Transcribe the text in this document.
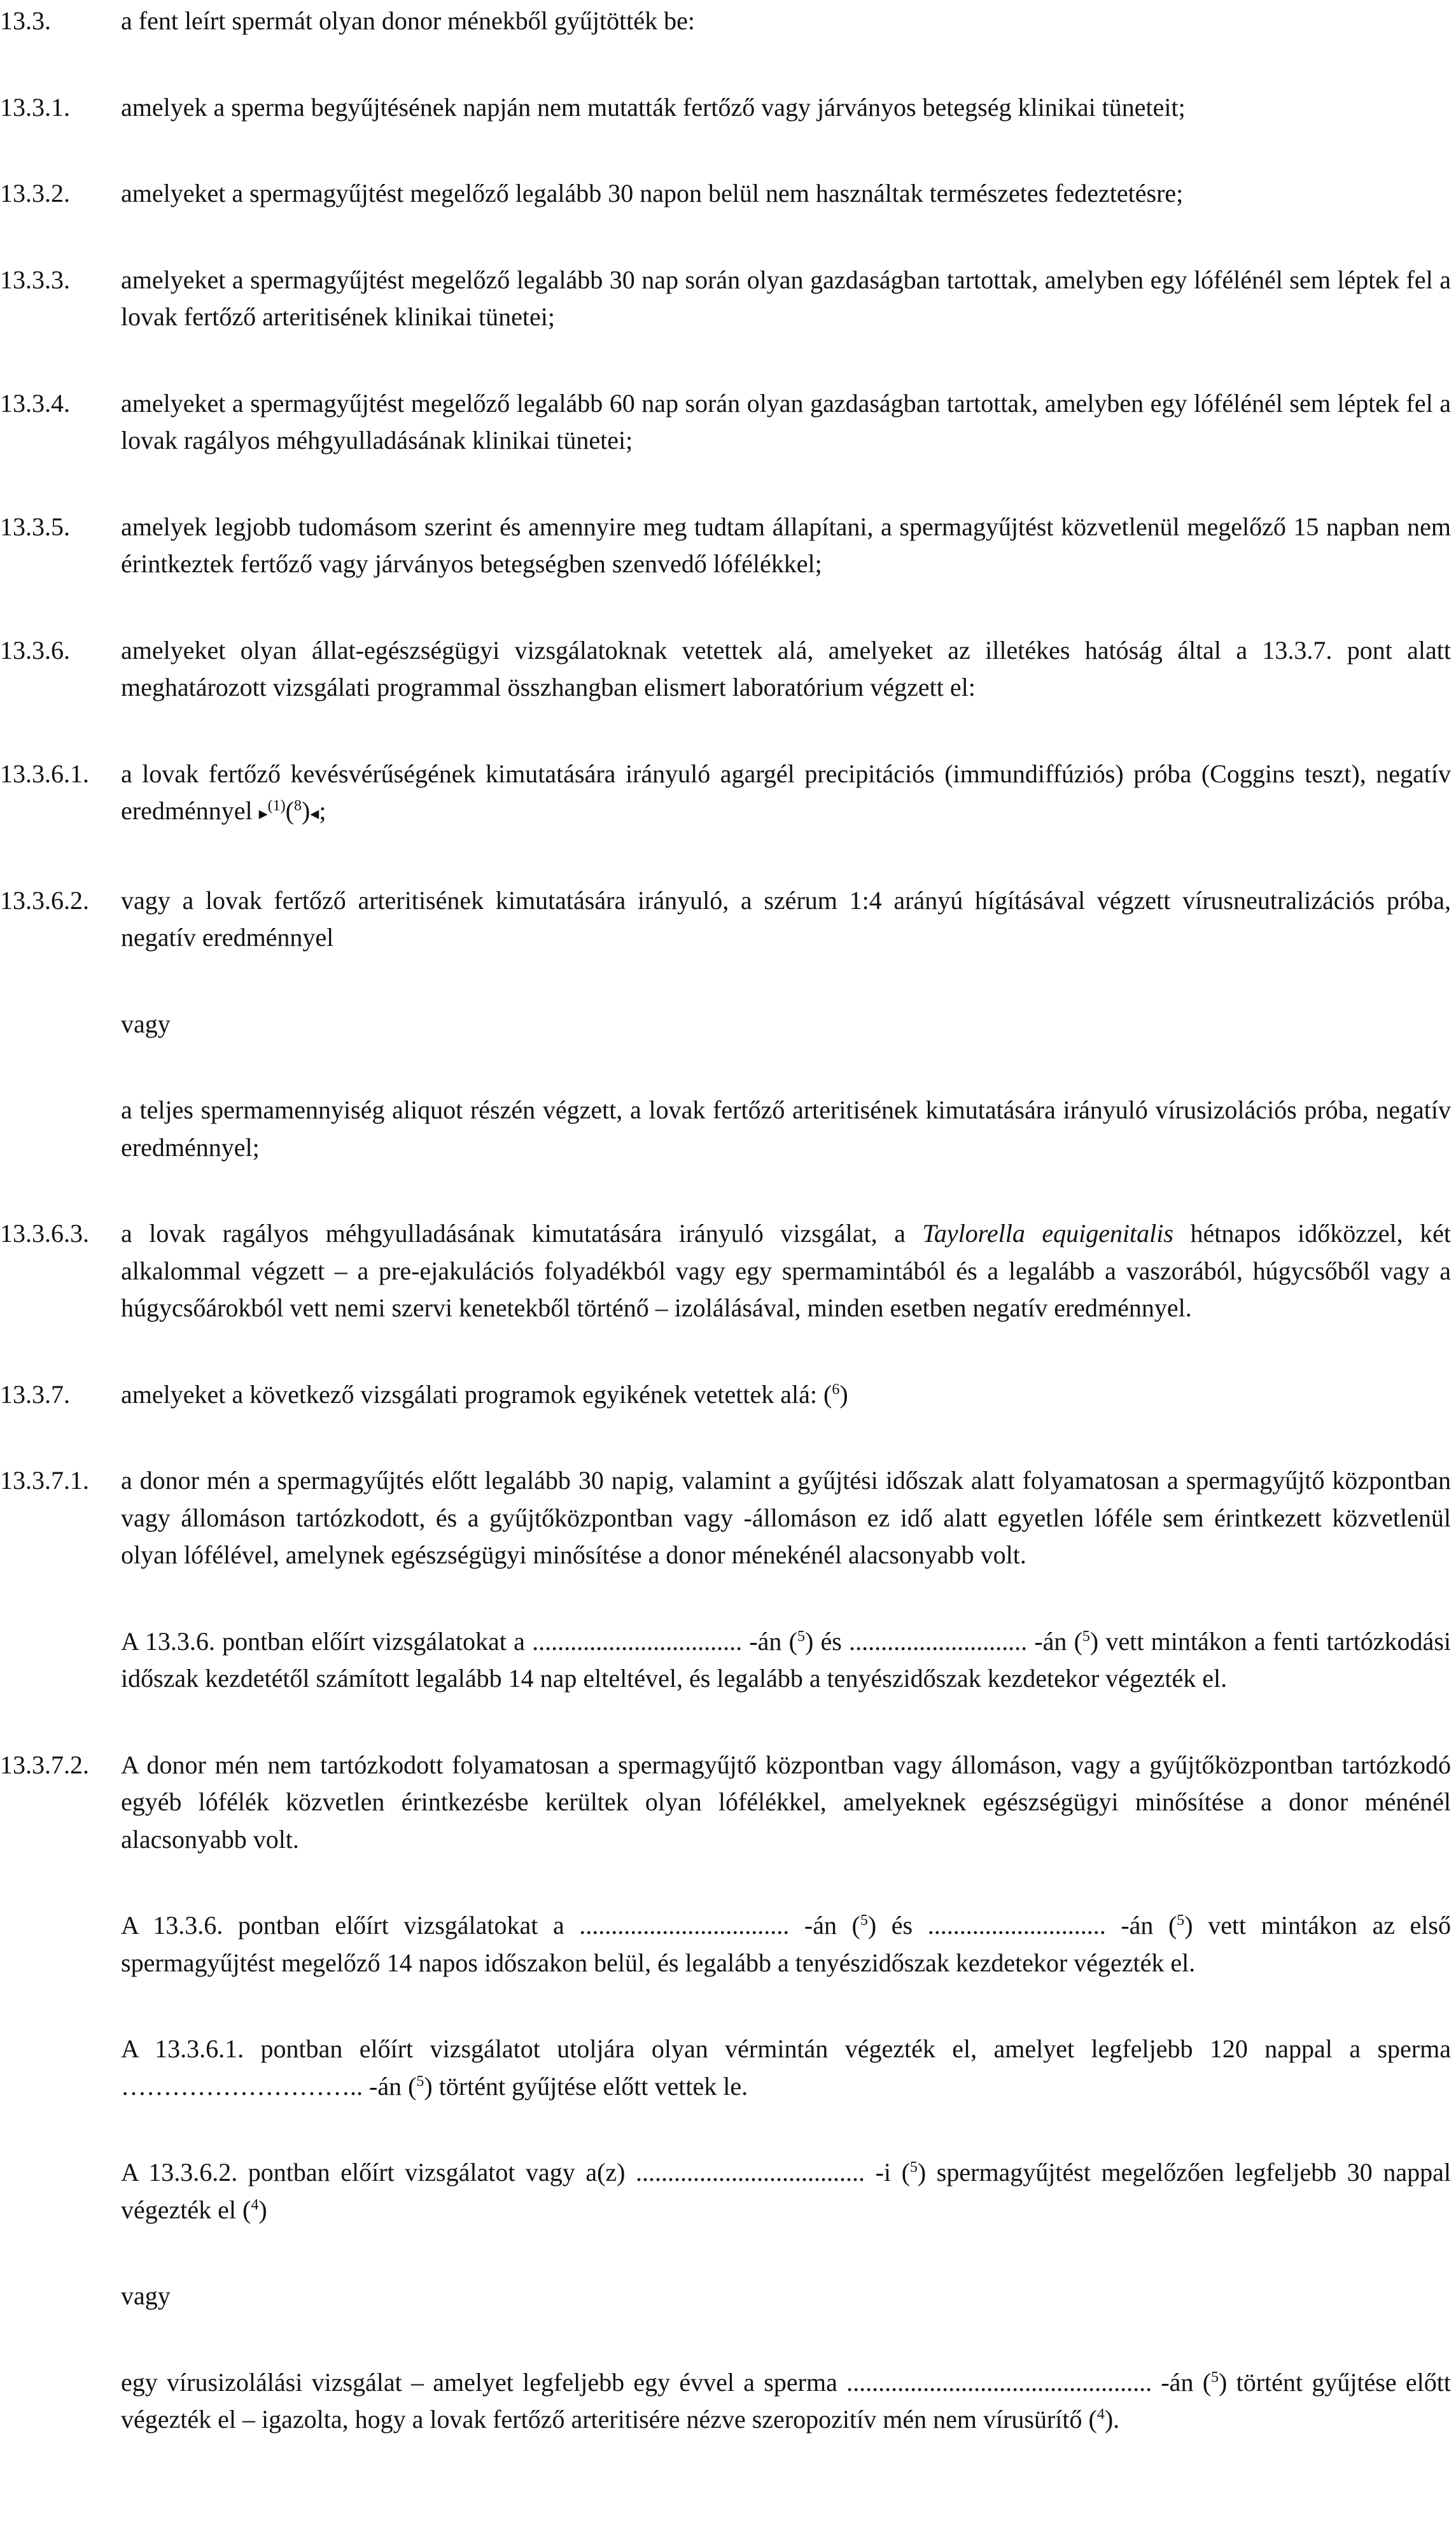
13.3.	a fent leírt spermát olyan donor ménekből gyűjtötték be:
13.3.1. amelyek a sperma begyűjtésének napján nem mutatták fertőző vagy járványos betegség klinikai tüneteit;
13.3.2. amelyeket a spermagyűjtést megelőző legalább 30 napon belül nem használtak természetes fedeztetésre;
13.3.3. amelyeket a spermagyűjtést megelőző legalább 30 nap során olyan gazdaságban tartottak, amelyben egy lófélénél sem léptek fel a lovak fertőző arteritisének klinikai tünetei;
13.3.4. amelyeket a spermagyűjtést megelőző legalább 60 nap során olyan gazdaságban tartottak, amelyben egy lófélénél sem léptek fel a lovak ragályos méhgyulladásának klinikai tünetei;
13.3.5. amelyek legjobb tudomásom szerint és amennyire meg tudtam állapítani, a spermagyűjtést közvetlenül megelőző 15 napban nem érintkeztek fertőző vagy járványos betegségben szenvedő lófélékkel;
13.3.6. amelyeket olyan állat-egészségügyi vizsgálatoknak vetettek alá, amelyeket az illetékes hatóság által a 13.3.7. pont alatt meghatározott vizsgálati programmal összhangban elismert laboratórium végzett el:
13.3.6.1. a lovak fertőző kevésvérűségének kimutatására irányuló agargél precipitációs (immundiffúziós) próba (Coggins teszt), negatív eredménnyel ▸$^{(1)}$($^8$)◂;
13.3.6.2. vagy a lovak fertőző arteritisének kimutatására irányuló, a szérum 1:4 arányú hígításával végzett vírusneutralizációs próba, negatív eredménnyel
vagy
a teljes spermamennyiség aliquot részén végzett, a lovak fertőző arteritisének kimutatására irányuló vírusizolációs próba, negatív eredménnyel;
13.3.6.3. a lovak ragályos méhgyulladásának kimutatására irányuló vizsgálat, a Taylorella equigenitalis hétnapos időközzel, két alkalommal végzett – a pre-ejakulációs folyadékból vagy egy spermamintából és a legalább a vaszorából, húgycsőből vagy a húgycsőárokból vett nemi szervi kenetekből történő – izolálásával, minden esetben negatív eredménnyel.
13.3.7. amelyeket a következő vizsgálati programok egyikének vetettek alá: ($^6$)
13.3.7.1. a donor mén a spermagyűjtés előtt legalább 30 napig, valamint a gyűjtési időszak alatt folyamatosan a spermagyűjtő központban vagy állomáson tartózkodott, és a gyűjtőközpontban vagy -állomáson ez idő alatt egyetlen lóféle sem érintkezett közvetlenül olyan lófélével, amelynek egészségügyi minősítése a donor ménekénél alacsonyabb volt.
A 13.3.6. pontban előírt vizsgálatokat a ................................. -án ($^5$) és ............................ -án ($^5$) vett mintákon a fenti tartózkodási időszak kezdetétől számított legalább 14 nap elteltével, és legalább a tenyészidőszak kezdetekor végezték el.
13.3.7.2. A donor mén nem tartózkodott folyamatosan a spermagyűjtő központban vagy állomáson, vagy a gyűjtőközpontban tartózkodó egyéb lófélék közvetlen érintkezésbe kerültek olyan lófélékkel, amelyeknek egészségügyi minősítése a donor ménénél alacsonyabb volt.
A 13.3.6. pontban előírt vizsgálatokat a ................................. -án ($^5$) és ............................ -án ($^5$) vett mintákon az első spermagyűjtést megelőző 14 napos időszakon belül, és legalább a tenyészidőszak kezdetekor végezték el.
A 13.3.6.1. pontban előírt vizsgálatot utoljára olyan vérmintán végezték el, amelyet legfeljebb 120 nappal a sperma ……………………….. -án ($^5$) történt gyűjtése előtt vettek le.
A 13.3.6.2. pontban előírt vizsgálatot vagy a(z) .................................... -i ($^5$) spermagyűjtést megelőzően legfeljebb 30 nappal végezték el ($^4$)
vagy
egy vírusizolálási vizsgálat – amelyet legfeljebb egy évvel a sperma ................................................ -án ($^5$) történt gyűjtése előtt végezték el – igazolta, hogy a lovak fertőző arteritisére nézve szeropozitív mén nem vírusürítő ($^4$).
